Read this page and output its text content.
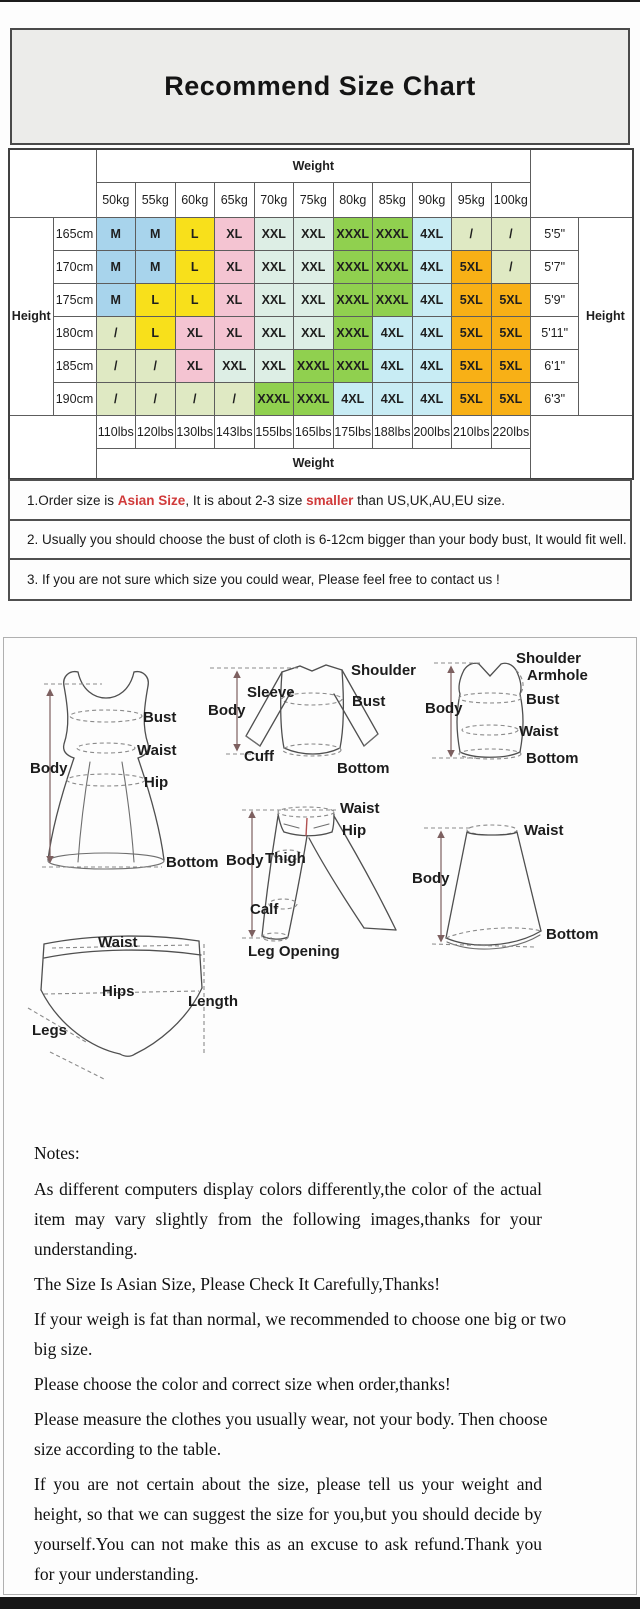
Recommend Size Chart
		Weight												
		50kg	55kg	60kg	65kg	70kg	75kg	80kg	85kg	90kg	95kg	100kg		
Height	165cm	M	M	L	XL	XXL	XXL	XXXL	XXXL	4XL	/	/	5'5"	Height
	170cm	M	M	L	XL	XXL	XXL	XXXL	XXXL	4XL	5XL	/	5'7"	
	175cm	M	L	L	XL	XXL	XXL	XXXL	XXXL	4XL	5XL	5XL	5'9"	
	180cm	/	L	XL	XL	XXL	XXL	XXXL	4XL	4XL	5XL	5XL	5'11"	
	185cm	/	/	XL	XXL	XXL	XXXL	XXXL	4XL	4XL	5XL	5XL	6'1"	
	190cm	/	/	/	/	XXXL	XXXL	4XL	4XL	4XL	5XL	5XL	6'3"	
		110lbs	120lbs	130lbs	143lbs	155lbs	165lbs	175lbs	188lbs	200lbs	210lbs	220lbs		
		Weight												
1.Order size is Asian Size, It is about 2-3 size smaller than US,UK,AU,EU size.
2. Usually you should choose the bust of cloth is 6-12cm bigger than your body bust, It would fit well.
3. If you are not sure which size you could wear, Please feel free to contact us !
Body
Bust
Waist
Hip
Bottom
Sleeve
Body
Cuff
Shoulder
Bust
Bottom
Shoulder
Armhole
Body
Bust
Waist
Bottom
Waist
Hip
Body Thigh
Calf
Leg Opening
Waist
Body
Bottom
Waist
Hips
Legs
Length
Notes:

As different computers display colors differently,the color of the actual item may vary slightly from the following images,thanks for your understanding.

The Size Is Asian Size, Please Check It Carefully,Thanks!

If your weigh is fat than normal, we recommended to choose one big or two big size.

Please choose the color and correct size when order,thanks!

Please measure the clothes you usually wear, not your body. Then choose size according to the table.

If you are not certain about the size, please tell us your weight and height, so that we can suggest the size for you,but you should decide by yourself.You can not make this as an excuse to ask refund.Thank you for your understanding.
